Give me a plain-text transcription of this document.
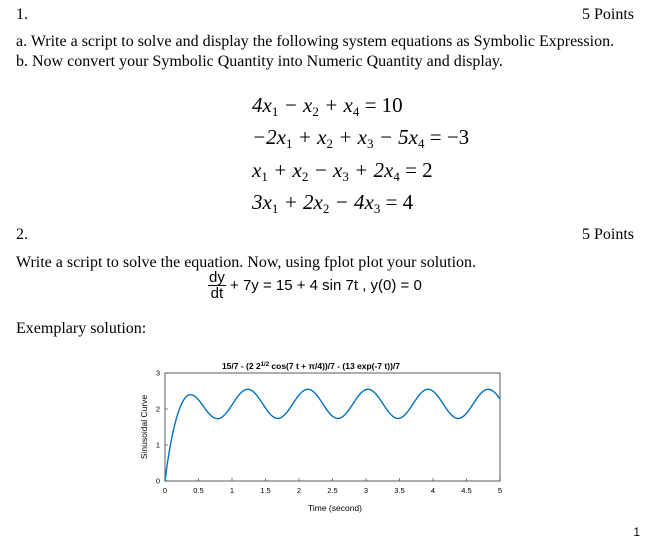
1.	5 Points
a. Write a script to solve and display the following system equations as Symbolic Expression.
b. Now convert your Symbolic Quantity into Numeric Quantity and display.
$4x_1 - x_2 + x_4 = 10$
$-2x_1 + x_2 + x_3 - 5x_4 = -3$
$x_1 + x_2 - x_3 + 2x_4 = 2$
$3x_1 + 2x_2 - 4x_3 = 4$
2.	5 Points
Write a script to solve the equation. Now, using fplot plot your solution.
$\frac{dy}{dt} + 7y = 15 + 4$ sin 7t , y(0) = 0
Exemplary solution:
15/7 - (2 $2^{1/2}$ cos(7 t + π/4))/7 - (13 exp(-7 t))/7
0	0.5	1	1.5	2	2.5	3	3.5	4	4.5	5
0
1
2
3
Time (second)
Sinusoidal Curve
1
